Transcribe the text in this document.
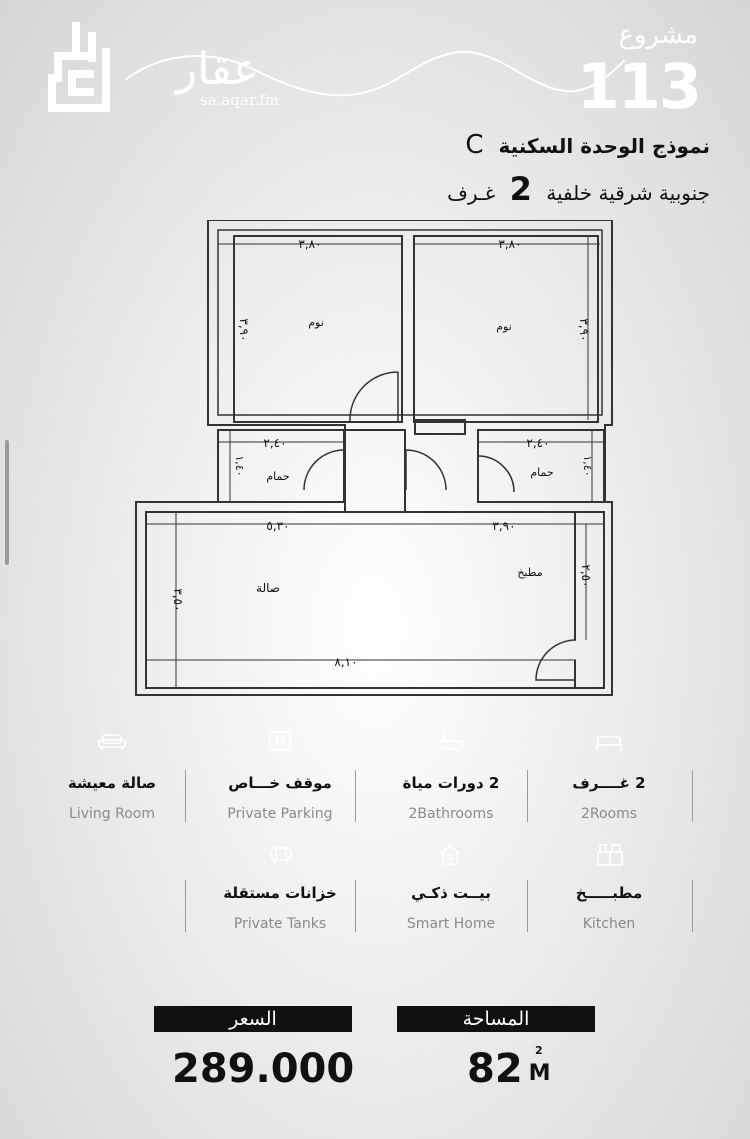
عقار
sa.aqar.fm
مشروع
113
نموذج الوحدة السكنية C
جنوبية شرقية خلفية 2 غـرف
٣,٨٠	٣,٨٠
٣,٩٠	٣,٩٠
نوم	نوم
٢,٤٠	٢,٤٠
١,٤٠	١,٤٠
حمام	حمام
٥,٣٠	٣,٩٠
٣,٥٠
٢,٥٠
صالة
مطبخ
٨,١٠
2 غــــرف
2Rooms
2 دورات مياة
2Bathrooms
موقف خـــاص
Private Parking
صالة معيشة
Living Room
مطبـــــخ
Kitchen
بيــت ذكـي
Smart Home
خزانات مستقلة
Private Tanks
المساحة
السعر
82 M
2
289.000
